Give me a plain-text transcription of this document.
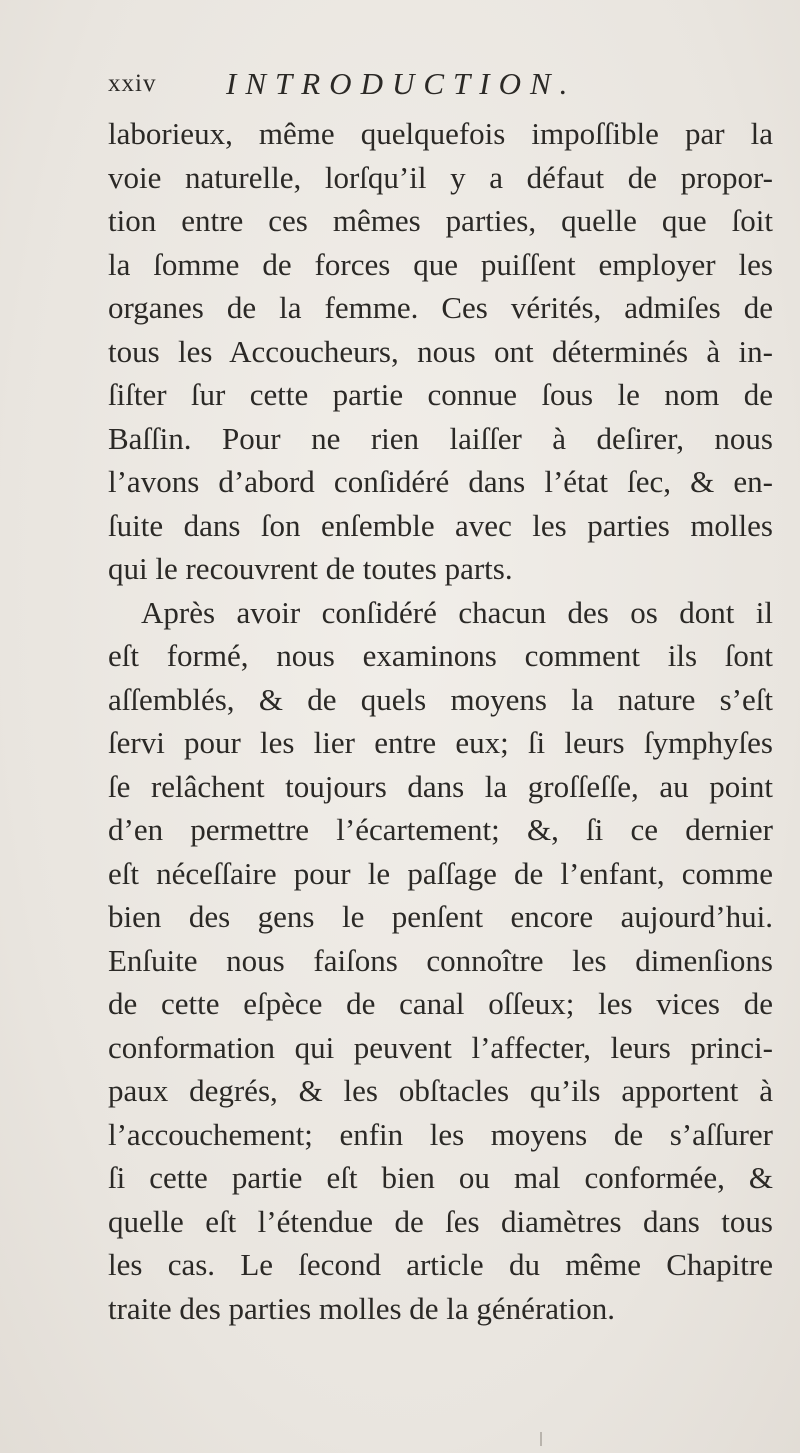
xxiv INTRODUCTION.
laborieux, même quelquefois impoſſible par la
voie naturelle, lorſqu’il y a défaut de propor-
tion entre ces mêmes parties, quelle que ſoit
la ſomme de forces que puiſſent employer les
organes de la femme. Ces vérités, admiſes de
tous les Accoucheurs, nous ont déterminés à in-
ſiſter ſur cette partie connue ſous le nom de
Baſſin. Pour ne rien laiſſer à deſirer, nous
l’avons d’abord conſidéré dans l’état ſec, & en-
ſuite dans ſon enſemble avec les parties molles
qui le recouvrent de toutes parts.
Après avoir conſidéré chacun des os dont il
eſt formé, nous examinons comment ils ſont
aſſemblés, & de quels moyens la nature s’eſt
ſervi pour les lier entre eux; ſi leurs ſymphyſes
ſe relâchent toujours dans la groſſeſſe, au point
d’en permettre l’écartement; &, ſi ce dernier
eſt néceſſaire pour le paſſage de l’enfant, comme
bien des gens le penſent encore aujourd’hui.
Enſuite nous faiſons connoître les dimenſions
de cette eſpèce de canal oſſeux; les vices de
conformation qui peuvent l’affecter, leurs princi-
paux degrés, & les obſtacles qu’ils apportent à
l’accouchement; enfin les moyens de s’aſſurer
ſi cette partie eſt bien ou mal conformée, &
quelle eſt l’étendue de ſes diamètres dans tous
les cas. Le ſecond article du même Chapitre
traite des parties molles de la génération.
